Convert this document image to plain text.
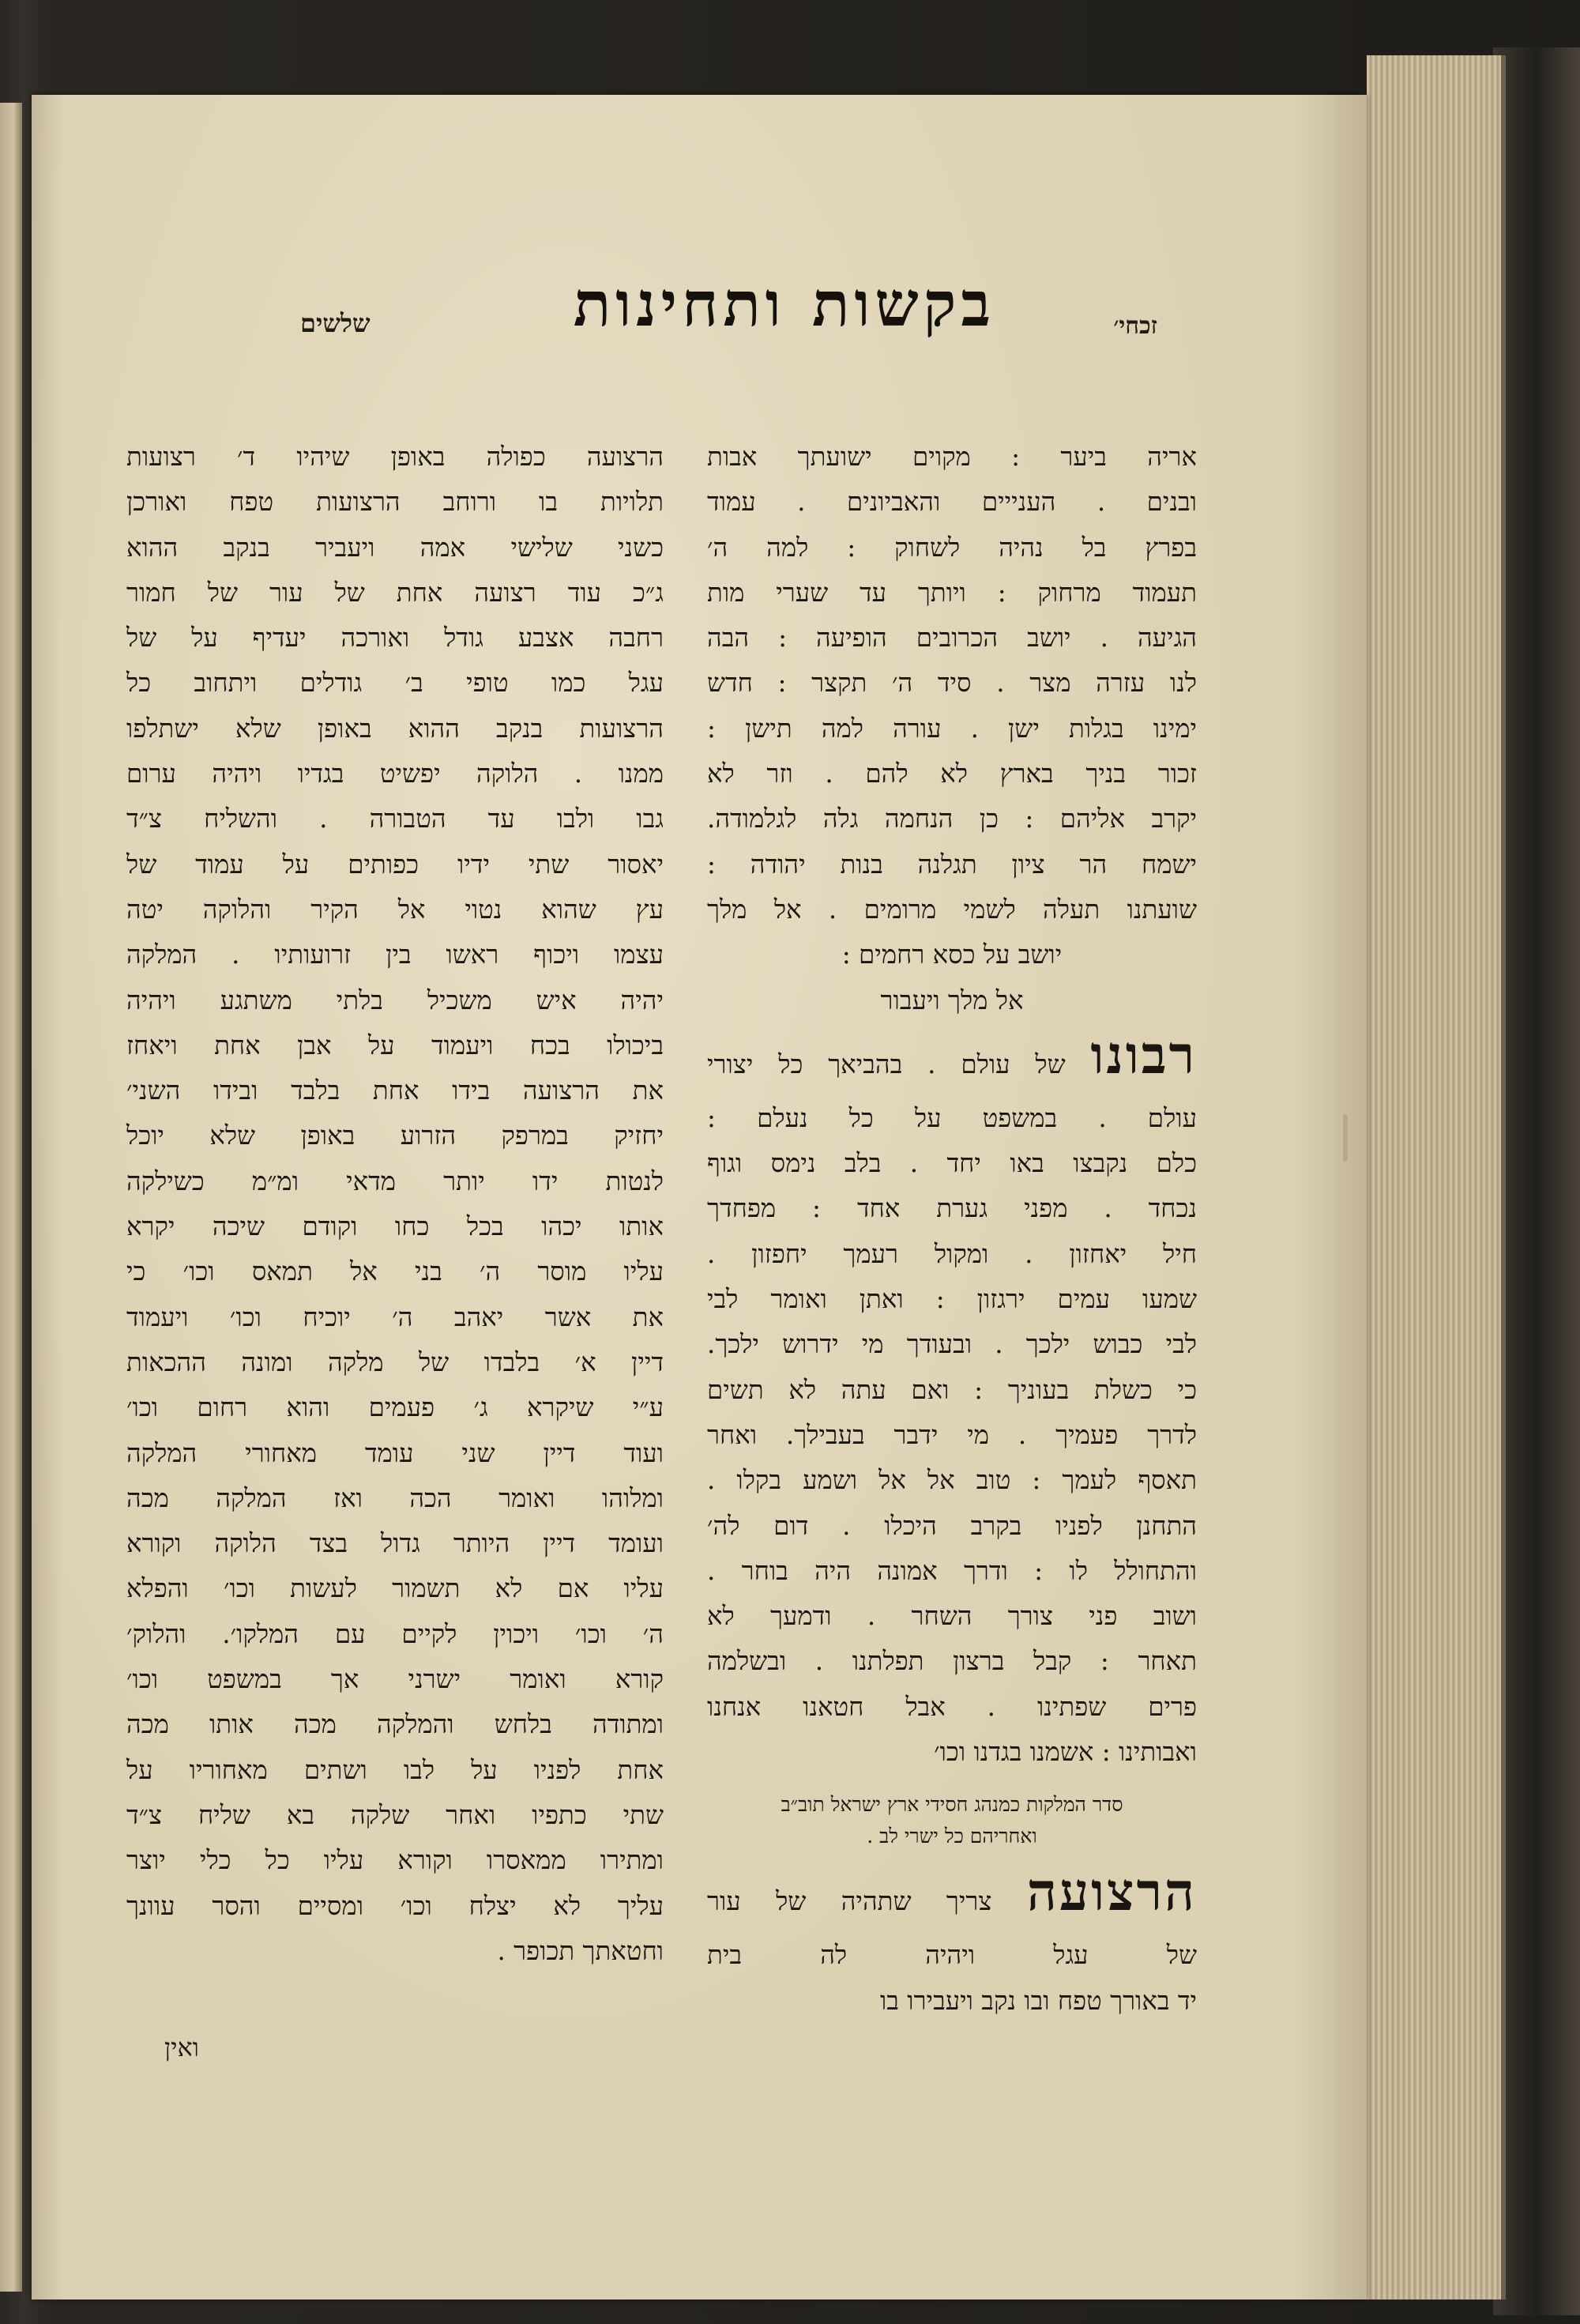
זכחי׳
בקשות ותחינות
שלשים
אריה ביער : מקוים ישועתך אבות
ובנים . הענייים והאביונים . עמוד
בפרץ בל נהיה לשחוק : למה ה׳
תעמוד מרחוק : ויותך עד שערי מות
הגיעה . יושב הכרובים הופיעה : הבה
לנו עזרה מצר . סיד ה׳ תקצר : חדש
ימינו בגלות ישן . עורה למה תישן :
זכור בניך בארץ לא להם . וזר לא
יקרב אליהם : כן הנחמה גלה לגלמודה.
ישמח הר ציון תגלנה בנות יהודה :
שועתנו תעלה לשמי מרומים . אל מלך
יושב על כסא רחמים :
אל מלך ויעבור
רבונו של עולם . בהביאך כל יצורי
עולם . במשפט על כל נעלם :
כלם נקבצו באו יחד . בלב נימס וגוף
נכחד . מפני גערת אחד : מפחדך
חיל יאחזון . ומקול רעמך יחפזון .
שמעו עמים ירגזון : ואתן ואומר לבי
לבי כבוש ילכך . ובעודך מי ידרוש ילכך.
כי כשלת בעוניך : ואם עתה לא תשים
לדרך פעמיך . מי ידבר בעבילך. ואחר
תאסף לעמך : טוב אל אל ושמע בקלו .
התחנן לפניו בקרב היכלו . דום לה׳
והתחולל לו : ודרך אמונה היה בוחר .
ושוב פני צורך השחר . ודמעך לא
תאחר : קבל ברצון תפלתנו . ובשלמה
פרים שפתינו . אבל חטאנו אנחנו
ואבותינו : אשמנו בגדנו וכו׳
סדר המלקות כמנהג חסידי ארץ ישראל תוב״ב
ואחריהם כל ישרי לב .
הרצועה צריך שתהיה של עור
של עגל ויהיה לה בית
יד באורך טפח ובו נקב ויעבירו בו
הרצועה כפולה באופן שיהיו ד׳ רצועות
תלויות בו ורוחב הרצועות טפח ואורכן
כשני שלישי אמה ויעביר בנקב ההוא
ג״כ עוד רצועה אחת של עור של חמור
רחבה אצבע גודל ואורכה יעדיף על של
עגל כמו טופי ב׳ גודלים ויתחוב כל
הרצועות בנקב ההוא באופן שלא ישתלפו
ממנו . הלוקה יפשיט בגדיו ויהיה ערום
גבו ולבו עד הטבורה . והשליח צ״ד
יאסור שתי ידיו כפותים על עמוד של
עץ שהוא נטוי אל הקיר והלוקה יטה
עצמו ויכוף ראשו בין זרועותיו . המלקה
יהיה איש משכיל בלתי משתגע ויהיה
ביכולו בכח ויעמוד על אבן אחת ויאחז
את הרצועה בידו אחת בלבד ובידו השני׳
יחזיק במרפק הזרוע באופן שלא יוכל
לנטות ידו יותר מדאי ומ״מ כשילקה
אותו יכהו בכל כחו וקודם שיכה יקרא
עליו מוסר ה׳ בני אל תמאס וכו׳ כי
את אשר יאהב ה׳ יוכיח וכו׳ ויעמוד
דיין א׳ בלבדו של מלקה ומונה ההכאות
ע״י שיקרא ג׳ פעמים והוא רחום וכו׳
ועוד דיין שני עומד מאחורי המלקה
ומלוהו ואומר הכה ואז המלקה מכה
ועומד דיין היותר גדול בצד הלוקה וקורא
עליו אם לא תשמור לעשות וכו׳ והפלא
ה׳ וכו׳ ויכוין לקיים עם המלקו׳. והלוק׳
קורא ואומר ישרני אך במשפט וכו׳
ומתודה בלחש והמלקה מכה אותו מכה
אחת לפניו על לבו ושתים מאחוריו על
שתי כתפיו ואחר שלקה בא שליח צ״ד
ומתירו ממאסרו וקורא עליו כל כלי יוצר
עליך לא יצלח וכו׳ ומסיים והסר עוונך
וחטאתך תכופר .
ואין
